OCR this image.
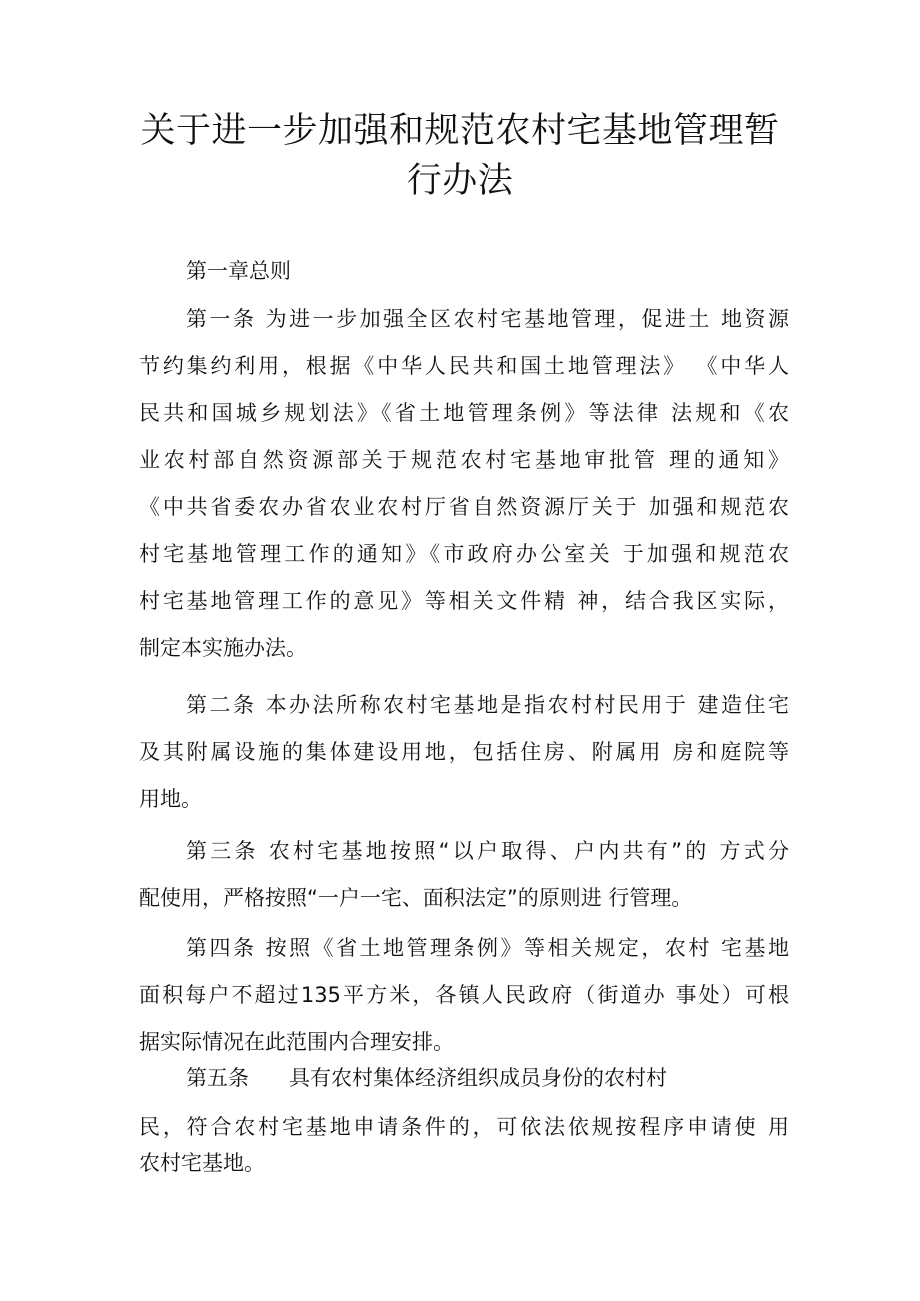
关于进一步加强和规范农村宅基地管理暂
行办法

第一章总则

第一条 为进一步加强全区农村宅基地管理，促进土 地资源
节约集约利用，根据《中华人民共和国土地管理法》 《中华人
民共和国城乡规划法》《省土地管理条例》等法律 法规和《农
业农村部自然资源部关于规范农村宅基地审批管 理的通知》
《中共省委农办省农业农村厅省自然资源厅关于 加强和规范农
村宅基地管理工作的通知》《市政府办公室关 于加强和规范农
村宅基地管理工作的意见》等相关文件精 神，结合我区实际，
制定本实施办法。

第二条 本办法所称农村宅基地是指农村村民用于 建造住宅
及其附属设施的集体建设用地，包括住房、附属用 房和庭院等
用地。

第三条 农村宅基地按照“以户取得、户内共有”的 方式分
配使用，严格按照“一户一宅、面积法定”的原则进 行管理。

第四条 按照《省土地管理条例》等相关规定，农村 宅基地
面积每户不超过135平方米，各镇人民政府（街道办 事处）可根
据实际情况在此范围内合理安排。

第五条      具有农村集体经济组织成员身份的农村村

民，符合农村宅基地申请条件的，可依法依规按程序申请使 用
农村宅基地。
